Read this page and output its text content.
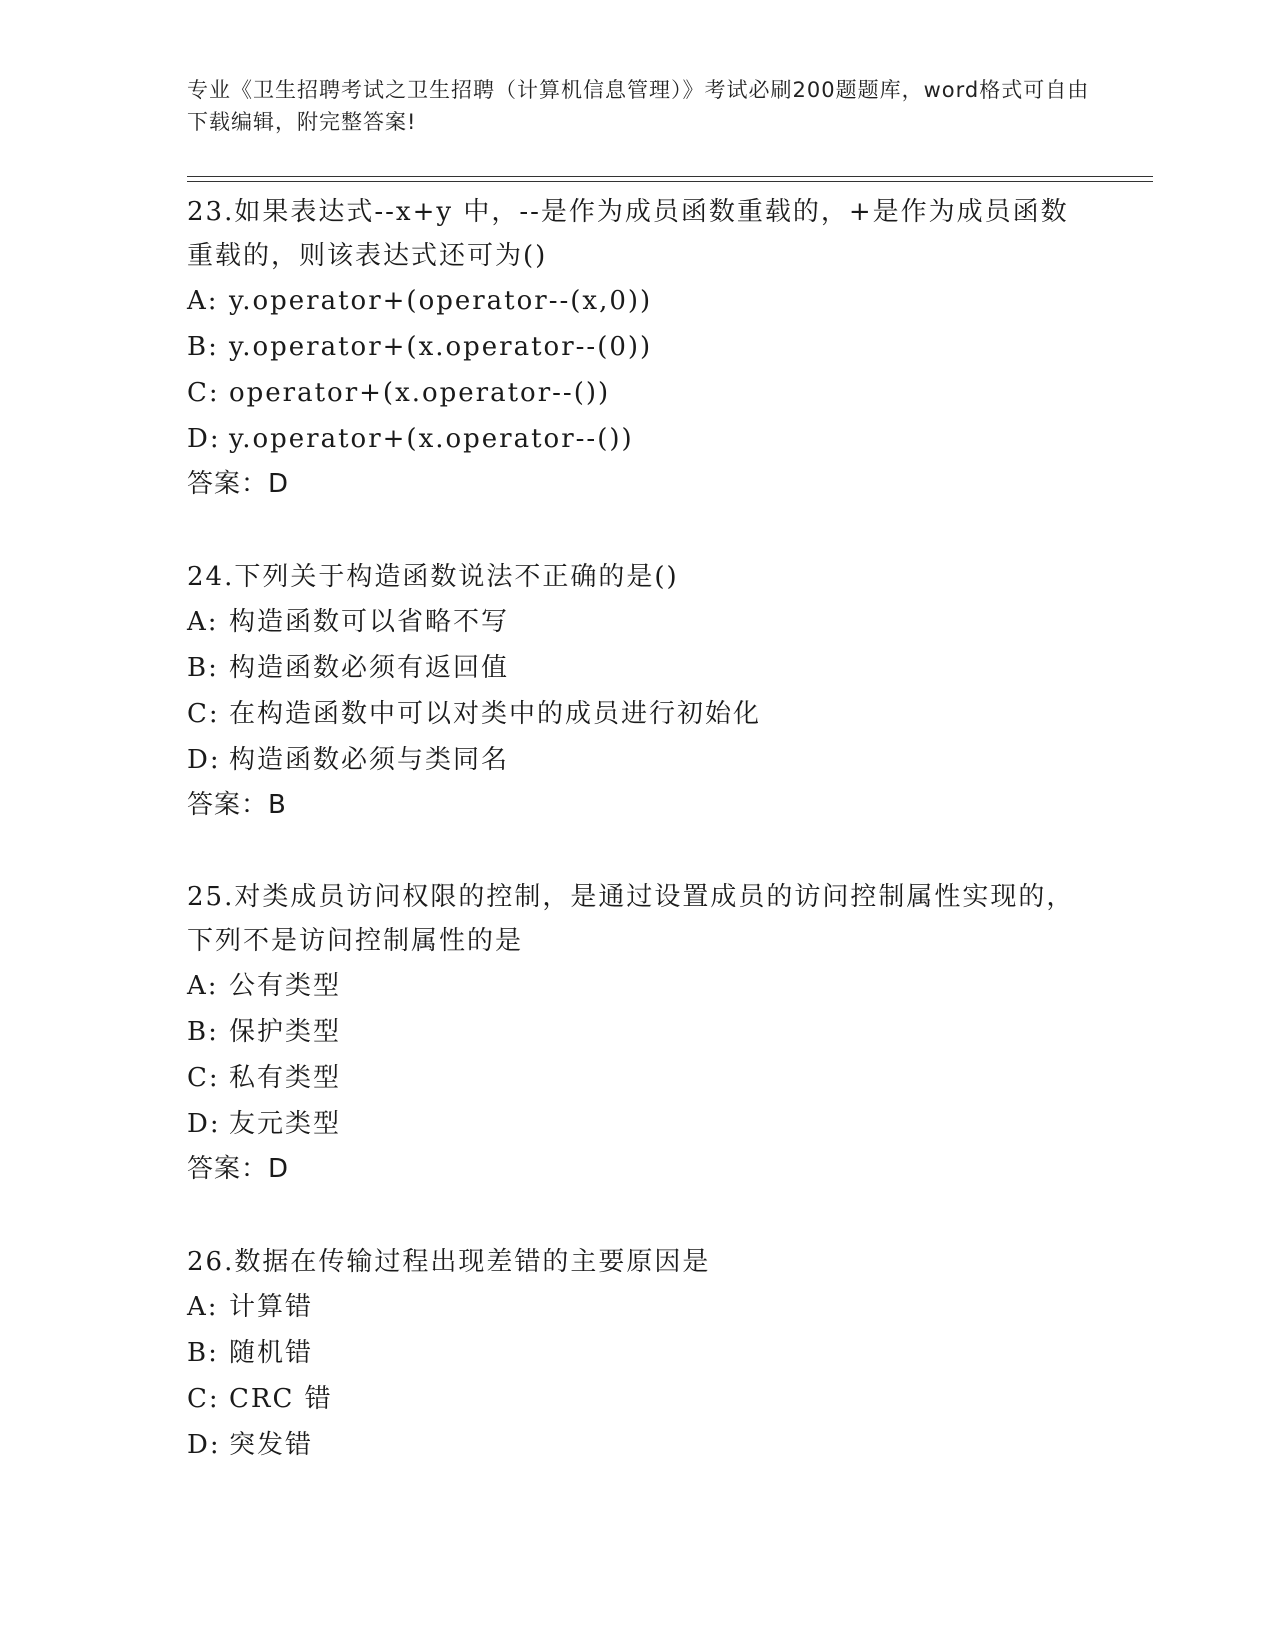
专业《卫生招聘考试之卫生招聘（计算机信息管理）》考试必刷200题题库，word格式可自由下载编辑，附完整答案!
23.如果表达式--x+y 中，--是作为成员函数重载的，+是作为成员函数重载的，则该表达式还可为()
A: y.operator+(operator--(x,0))
B: y.operator+(x.operator--(0))
C: operator+(x.operator--())
D: y.operator+(x.operator--())
答案：D
24.下列关于构造函数说法不正确的是()
A: 构造函数可以省略不写
B: 构造函数必须有返回值
C: 在构造函数中可以对类中的成员进行初始化
D: 构造函数必须与类同名
答案：B
25.对类成员访问权限的控制，是通过设置成员的访问控制属性实现的，下列不是访问控制属性的是
A: 公有类型
B: 保护类型
C: 私有类型
D: 友元类型
答案：D
26.数据在传输过程出现差错的主要原因是
A: 计算错
B: 随机错
C: CRC 错
D: 突发错
